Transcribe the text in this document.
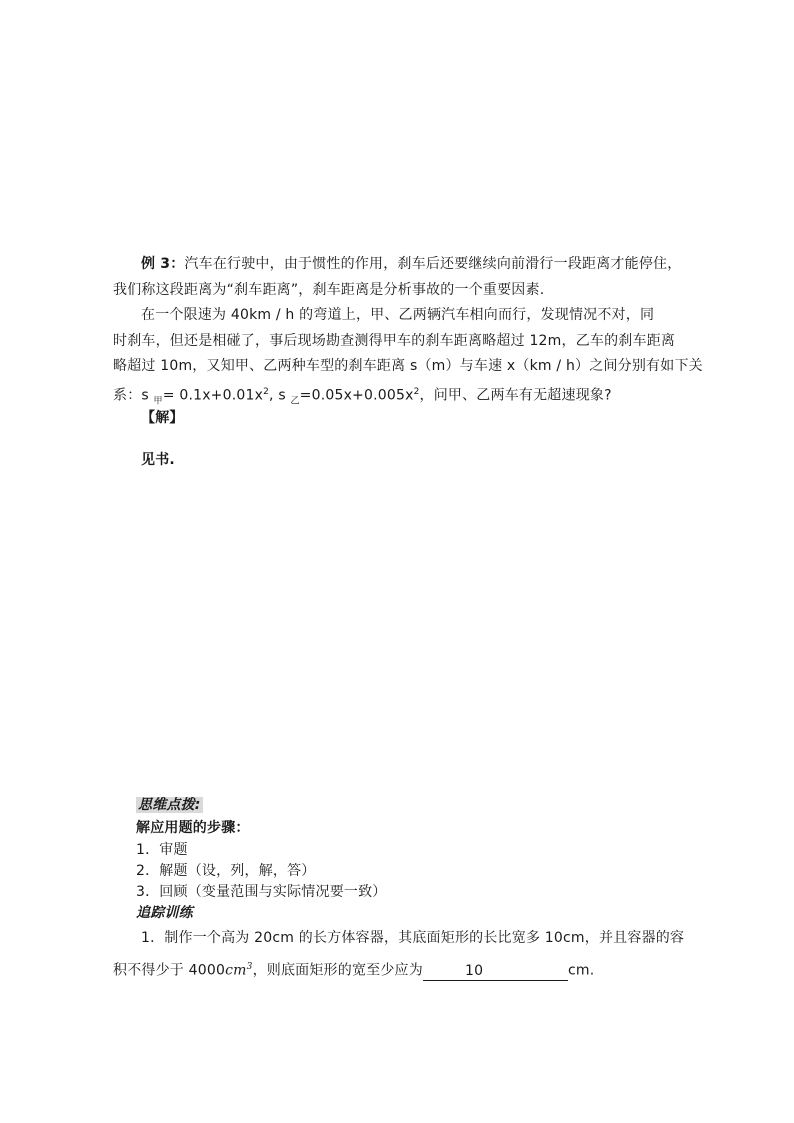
例 3：汽车在行驶中，由于惯性的作用，刹车后还要继续向前滑行一段距离才能停住，
我们称这段距离为“刹车距离”，刹车距离是分析事故的一个重要因素.
在一个限速为 40km / h 的弯道上，甲、乙两辆汽车相向而行，发现情况不对，同
时刹车，但还是相碰了，事后现场勘查测得甲车的刹车距离略超过 12m，乙车的刹车距离
略超过 10m，又知甲、乙两种车型的刹车距离 s（m）与车速 x（km / h）之间分别有如下关
系：s $_甲= 0.1x+0.01x^2$, s $_乙=0.05x+0.005x^2$，问甲、乙两车有无超速现象?
【解】
见书.
思维点拨:
解应用题的步骤：
1．审题
2．解题（设，列，解，答）
3．回顾（变量范围与实际情况要一致）
追踪训练
1．制作一个高为 20cm 的长方体容器，其底面矩形的长比宽多 10cm，并且容器的容
积不得少于 $4000cm^3$，则底面矩形的宽至少应为	10	cm.
